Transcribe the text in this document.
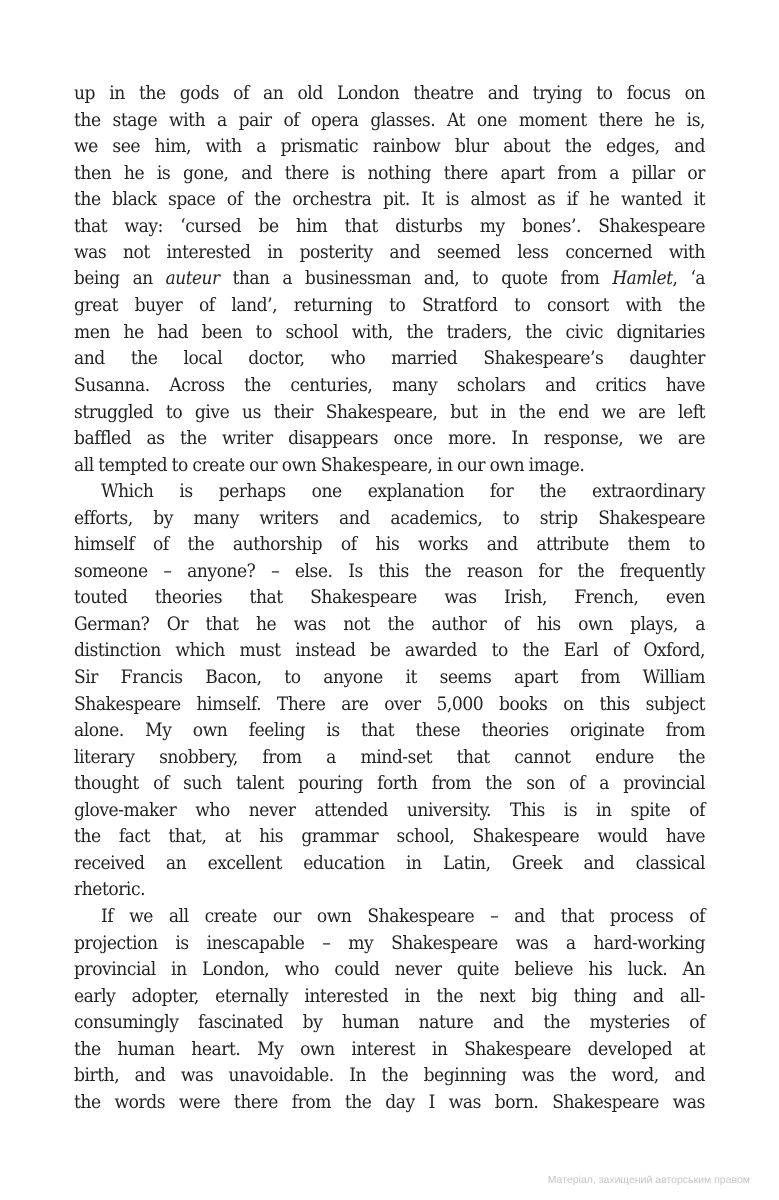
up in the gods of an old London theatre and trying to focus on
the stage with a pair of opera glasses. At one moment there he is,
we see him, with a prismatic rainbow blur about the edges, and
then he is gone, and there is nothing there apart from a pillar or
the black space of the orchestra pit. It is almost as if he wanted it
that way: ‘cursed be him that disturbs my bones’. Shakespeare
was not interested in posterity and seemed less concerned with
being an auteur than a businessman and, to quote from Hamlet, ‘a
great buyer of land’, returning to Stratford to consort with the
men he had been to school with, the traders, the civic dignitaries
and the local doctor, who married Shakespeare’s daughter
Susanna. Across the centuries, many scholars and critics have
struggled to give us their Shakespeare, but in the end we are left
baffled as the writer disappears once more. In response, we are
all tempted to create our own Shakespeare, in our own image.
Which is perhaps one explanation for the extraordinary
efforts, by many writers and academics, to strip Shakespeare
himself of the authorship of his works and attribute them to
someone – anyone? – else. Is this the reason for the frequently
touted theories that Shakespeare was Irish, French, even
German? Or that he was not the author of his own plays, a
distinction which must instead be awarded to the Earl of Oxford,
Sir Francis Bacon, to anyone it seems apart from William
Shakespeare himself. There are over 5,000 books on this subject
alone. My own feeling is that these theories originate from
literary snobbery, from a mind-set that cannot endure the
thought of such talent pouring forth from the son of a provincial
glove-maker who never attended university. This is in spite of
the fact that, at his grammar school, Shakespeare would have
received an excellent education in Latin, Greek and classical
rhetoric.
If we all create our own Shakespeare – and that process of
projection is inescapable – my Shakespeare was a hard-working
provincial in London, who could never quite believe his luck. An
early adopter, eternally interested in the next big thing and all-
consumingly fascinated by human nature and the mysteries of
the human heart. My own interest in Shakespeare developed at
birth, and was unavoidable. In the beginning was the word, and
the words were there from the day I was born. Shakespeare was
Матеріал, захищений авторським правом
